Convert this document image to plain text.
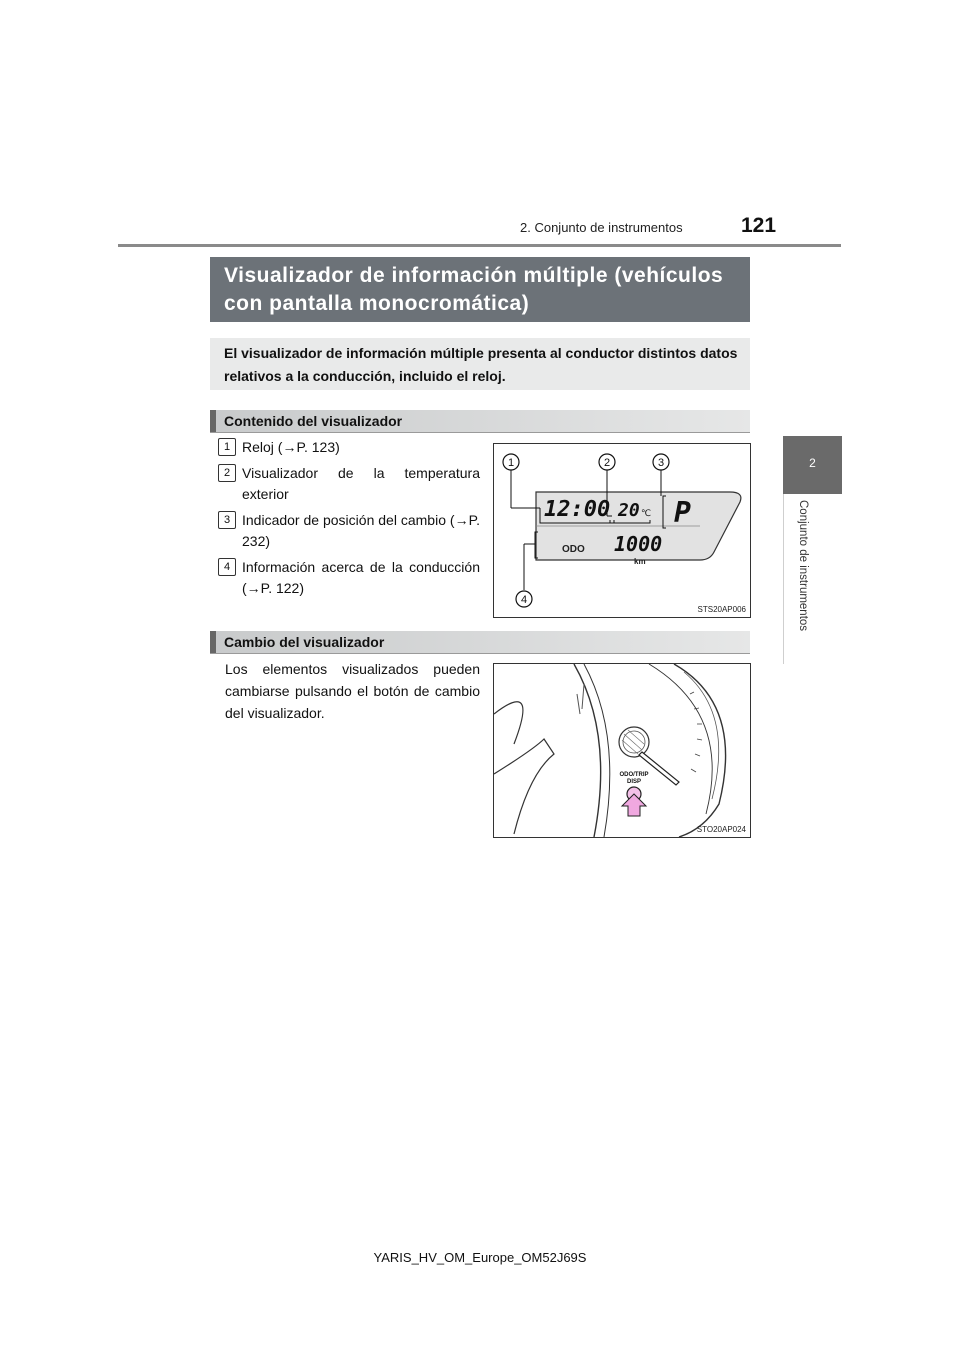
2. Conjunto de instrumentos	121
2
Conjunto de instrumentos
Visualizador de información múltiple (vehículos con pantalla monocromática)
El visualizador de información múltiple presenta al conductor distintos datos relativos a la conducción, incluido el reloj.
Contenido del visualizador
1 Reloj (→P. 123)
2 Visualizador de la temperatura exterior
3 Indicador de posición del cambio (→P. 232)
4 Información acerca de la conducción (→P. 122)
12:00 20 ℃ P
ODO 1000
km
1	2	3
4
STS20AP006
Cambio del visualizador
Los elementos visualizados pueden cambiarse pulsando el botón de cambio del visualizador.
ODO/TRIP
DISP
STO20AP024
YARIS_HV_OM_Europe_OM52J69S
